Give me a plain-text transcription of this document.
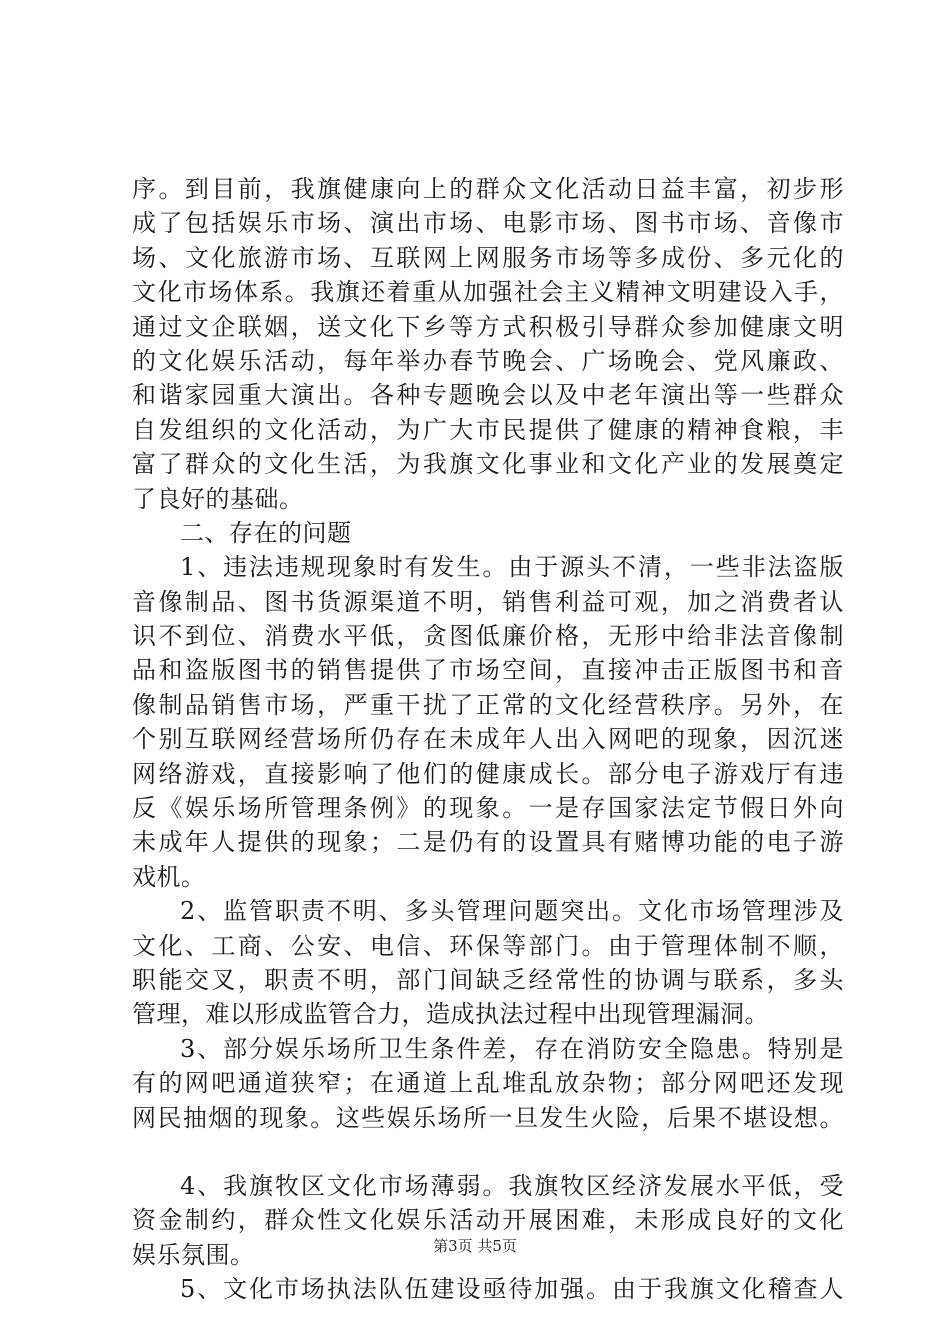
序。到目前，我旗健康向上的群众文化活动日益丰富，初步形
成了包括娱乐市场、演出市场、电影市场、图书市场、音像市
场、文化旅游市场、互联网上网服务市场等多成份、多元化的
文化市场体系。我旗还着重从加强社会主义精神文明建设入手，
通过文企联姻，送文化下乡等方式积极引导群众参加健康文明
的文化娱乐活动，每年举办春节晚会、广场晚会、党风廉政、
和谐家园重大演出。各种专题晚会以及中老年演出等一些群众
自发组织的文化活动，为广大市民提供了健康的精神食粮，丰
富了群众的文化生活，为我旗文化事业和文化产业的发展奠定
了良好的基础。
二、存在的问题
1、违法违规现象时有发生。由于源头不清，一些非法盗版
音像制品、图书货源渠道不明，销售利益可观，加之消费者认
识不到位、消费水平低，贪图低廉价格，无形中给非法音像制
品和盗版图书的销售提供了市场空间，直接冲击正版图书和音
像制品销售市场，严重干扰了正常的文化经营秩序。另外，在
个别互联网经营场所仍存在未成年人出入网吧的现象，因沉迷
网络游戏，直接影响了他们的健康成长。部分电子游戏厅有违
反《娱乐场所管理条例》的现象。一是存国家法定节假日外向
未成年人提供的现象；二是仍有的设置具有赌博功能的电子游
戏机。
2、监管职责不明、多头管理问题突出。文化市场管理涉及
文化、工商、公安、电信、环保等部门。由于管理体制不顺，
职能交叉，职责不明，部门间缺乏经常性的协调与联系，多头
管理，难以形成监管合力，造成执法过程中出现管理漏洞。
3、部分娱乐场所卫生条件差，存在消防安全隐患。特别是
有的网吧通道狭窄；在通道上乱堆乱放杂物；部分网吧还发现
网民抽烟的现象。这些娱乐场所一旦发生火险，后果不堪设想。
4、我旗牧区文化市场薄弱。我旗牧区经济发展水平低，受
资金制约，群众性文化娱乐活动开展困难，未形成良好的文化
娱乐氛围。
5、文化市场执法队伍建设亟待加强。由于我旗文化稽查人
第3页 共5页
